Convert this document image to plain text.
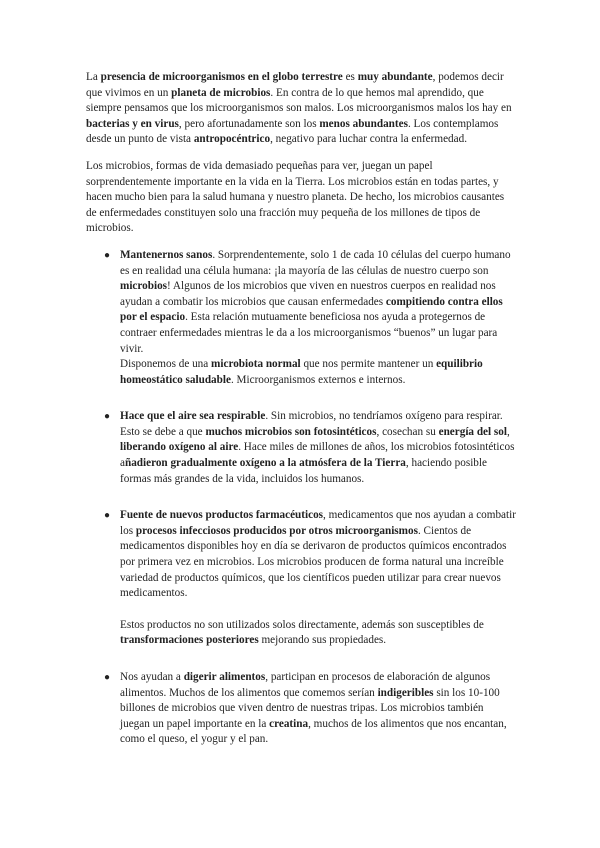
La presencia de microorganismos en el globo terrestre es muy abundante, podemos decir que vivimos en un planeta de microbios. En contra de lo que hemos mal aprendido, que siempre pensamos que los microorganismos son malos. Los microorganismos malos los hay en bacterias y en virus, pero afortunadamente son los menos abundantes. Los contemplamos desde un punto de vista antropocéntrico, negativo para luchar contra la enfermedad.

Los microbios, formas de vida demasiado pequeñas para ver, juegan un papel sorprendentemente importante en la vida en la Tierra. Los microbios están en todas partes, y hacen mucho bien para la salud humana y nuestro planeta. De hecho, los microbios causantes de enfermedades constituyen solo una fracción muy pequeña de los millones de tipos de microbios.

● Mantenernos sanos. Sorprendentemente, solo 1 de cada 10 células del cuerpo humano es en realidad una célula humana: ¡la mayoría de las células de nuestro cuerpo son microbios! Algunos de los microbios que viven en nuestros cuerpos en realidad nos ayudan a combatir los microbios que causan enfermedades compitiendo contra ellos por el espacio. Esta relación mutuamente beneficiosa nos ayuda a protegernos de contraer enfermedades mientras le da a los microorganismos “buenos” un lugar para vivir.

Disponemos de una microbiota normal que nos permite mantener un equilibrio homeostático saludable. Microorganismos externos e internos.

● Hace que el aire sea respirable. Sin microbios, no tendríamos oxígeno para respirar. Esto se debe a que muchos microbios son fotosintéticos, cosechan su energía del sol, liberando oxígeno al aire. Hace miles de millones de años, los microbios fotosintéticos añadieron gradualmente oxígeno a la atmósfera de la Tierra, haciendo posible formas más grandes de la vida, incluidos los humanos.

● Fuente de nuevos productos farmacéuticos, medicamentos que nos ayudan a combatir los procesos infecciosos producidos por otros microorganismos. Cientos de medicamentos disponibles hoy en día se derivaron de productos químicos encontrados por primera vez en microbios. Los microbios producen de forma natural una increíble variedad de productos químicos, que los científicos pueden utilizar para crear nuevos medicamentos.

Estos productos no son utilizados solos directamente, además son susceptibles de transformaciones posteriores mejorando sus propiedades.

● Nos ayudan a digerir alimentos, participan en procesos de elaboración de algunos alimentos. Muchos de los alimentos que comemos serían indigeribles sin los 10-100 billones de microbios que viven dentro de nuestras tripas. Los microbios también juegan un papel importante en la creatina, muchos de los alimentos que nos encantan, como el queso, el yogur y el pan.
